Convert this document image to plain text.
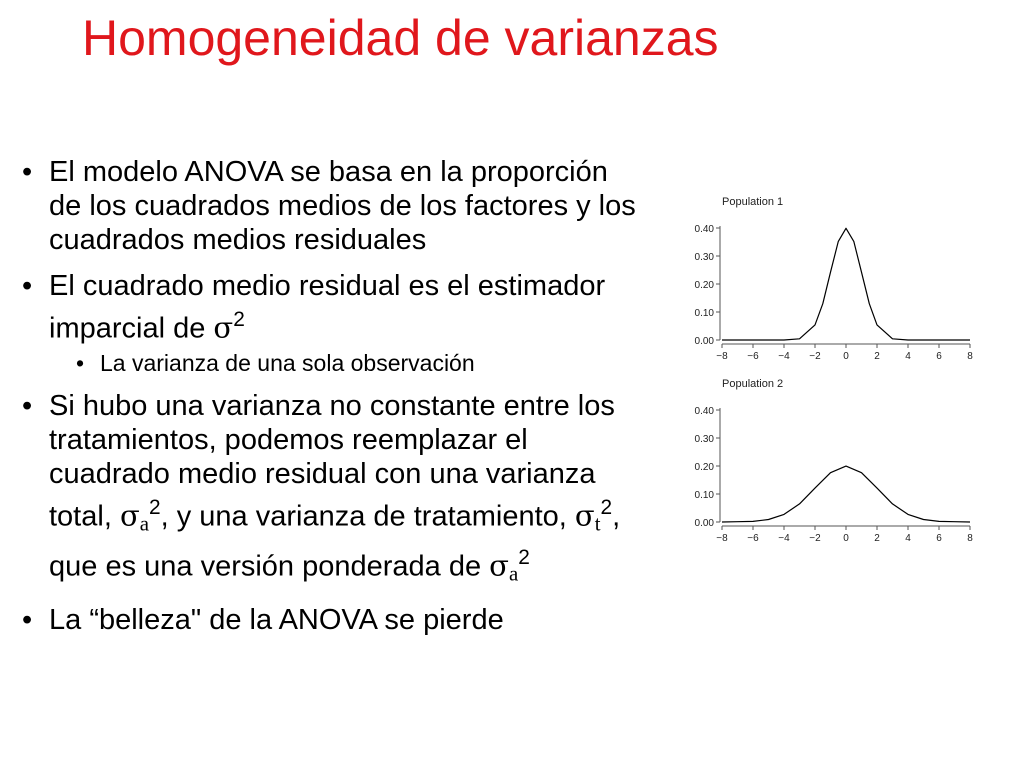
Homogeneidad de varianzas
• El modelo ANOVA se basa en la proporción de los cuadrados medios de los factores y los cuadrados medios residuales
• El cuadrado medio residual es el estimador imparcial de $\sigma^2$
• La varianza de una sola observación
• Si hubo una varianza no constante entre los tratamientos, podemos reemplazar el cuadrado medio residual con una varianza total, $\sigma a^2$, y una varianza de tratamiento, $\sigma t^2$, que es una versión ponderada de $\sigma a^2$
• La “belleza" de la ANOVA se pierde
Population 1
0.00
0.10
0.20
0.30
0.40
−8 −6 −4 −2 0	2	4	6	8
Population 2
0.00
0.10
0.20
0.30
0.40
−8 −6 −4 −2 0	2	4	6	8
